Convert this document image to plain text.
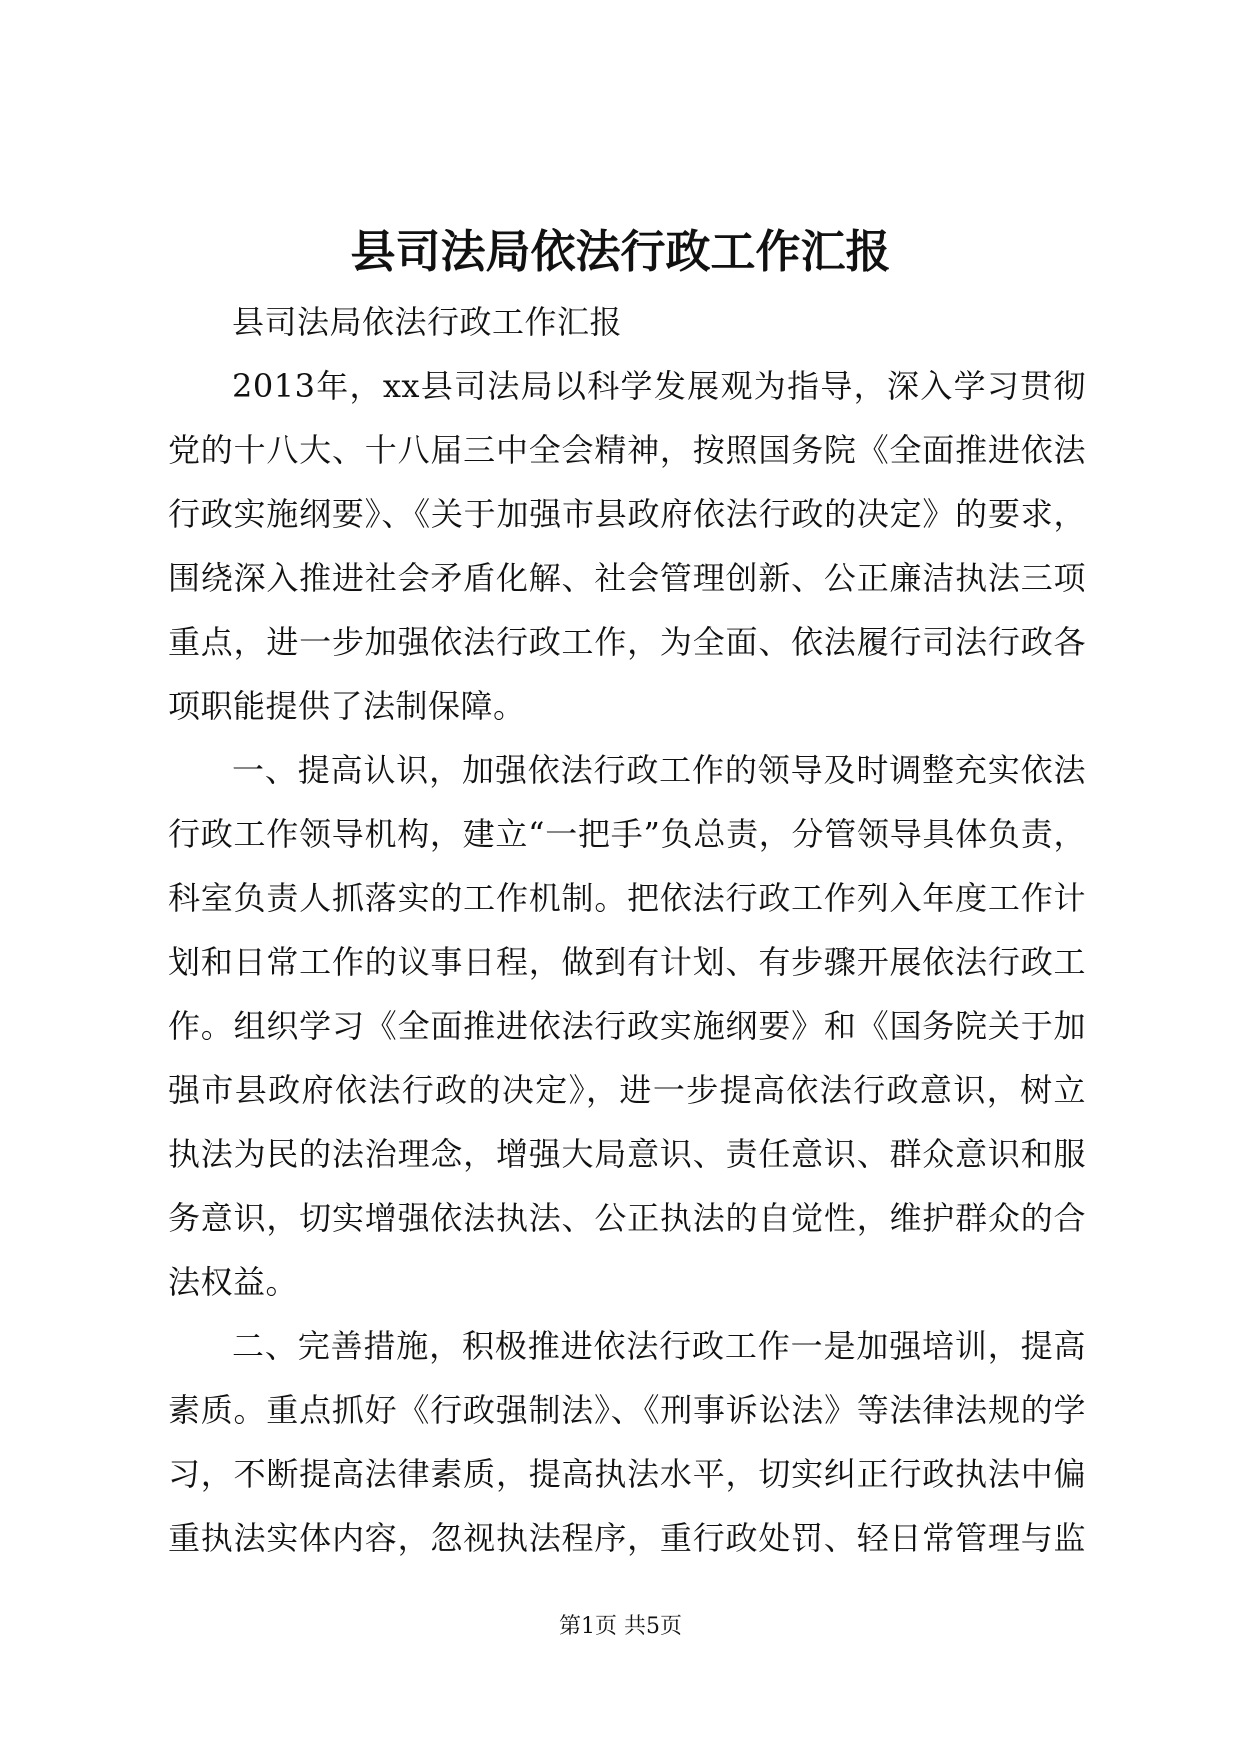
县司法局依法行政工作汇报
县司法局依法行政工作汇报
2013年，xx县司法局以科学发展观为指导，深入学习贯彻
党的十八大、十八届三中全会精神，按照国务院《全面推进依法
行政实施纲要》、《关于加强市县政府依法行政的决定》的要求，
围绕深入推进社会矛盾化解、社会管理创新、公正廉洁执法三项
重点，进一步加强依法行政工作，为全面、依法履行司法行政各
项职能提供了法制保障。
一、提高认识，加强依法行政工作的领导及时调整充实依法
行政工作领导机构，建立“一把手”负总责，分管领导具体负责，
科室负责人抓落实的工作机制。把依法行政工作列入年度工作计
划和日常工作的议事日程，做到有计划、有步骤开展依法行政工
作。组织学习《全面推进依法行政实施纲要》和《国务院关于加
强市县政府依法行政的决定》，进一步提高依法行政意识，树立
执法为民的法治理念，增强大局意识、责任意识、群众意识和服
务意识，切实增强依法执法、公正执法的自觉性，维护群众的合
法权益。
二、完善措施，积极推进依法行政工作一是加强培训，提高
素质。重点抓好《行政强制法》、《刑事诉讼法》等法律法规的学
习，不断提高法律素质，提高执法水平，切实纠正行政执法中偏
重执法实体内容，忽视执法程序，重行政处罚、轻日常管理与监
第1页 共5页
